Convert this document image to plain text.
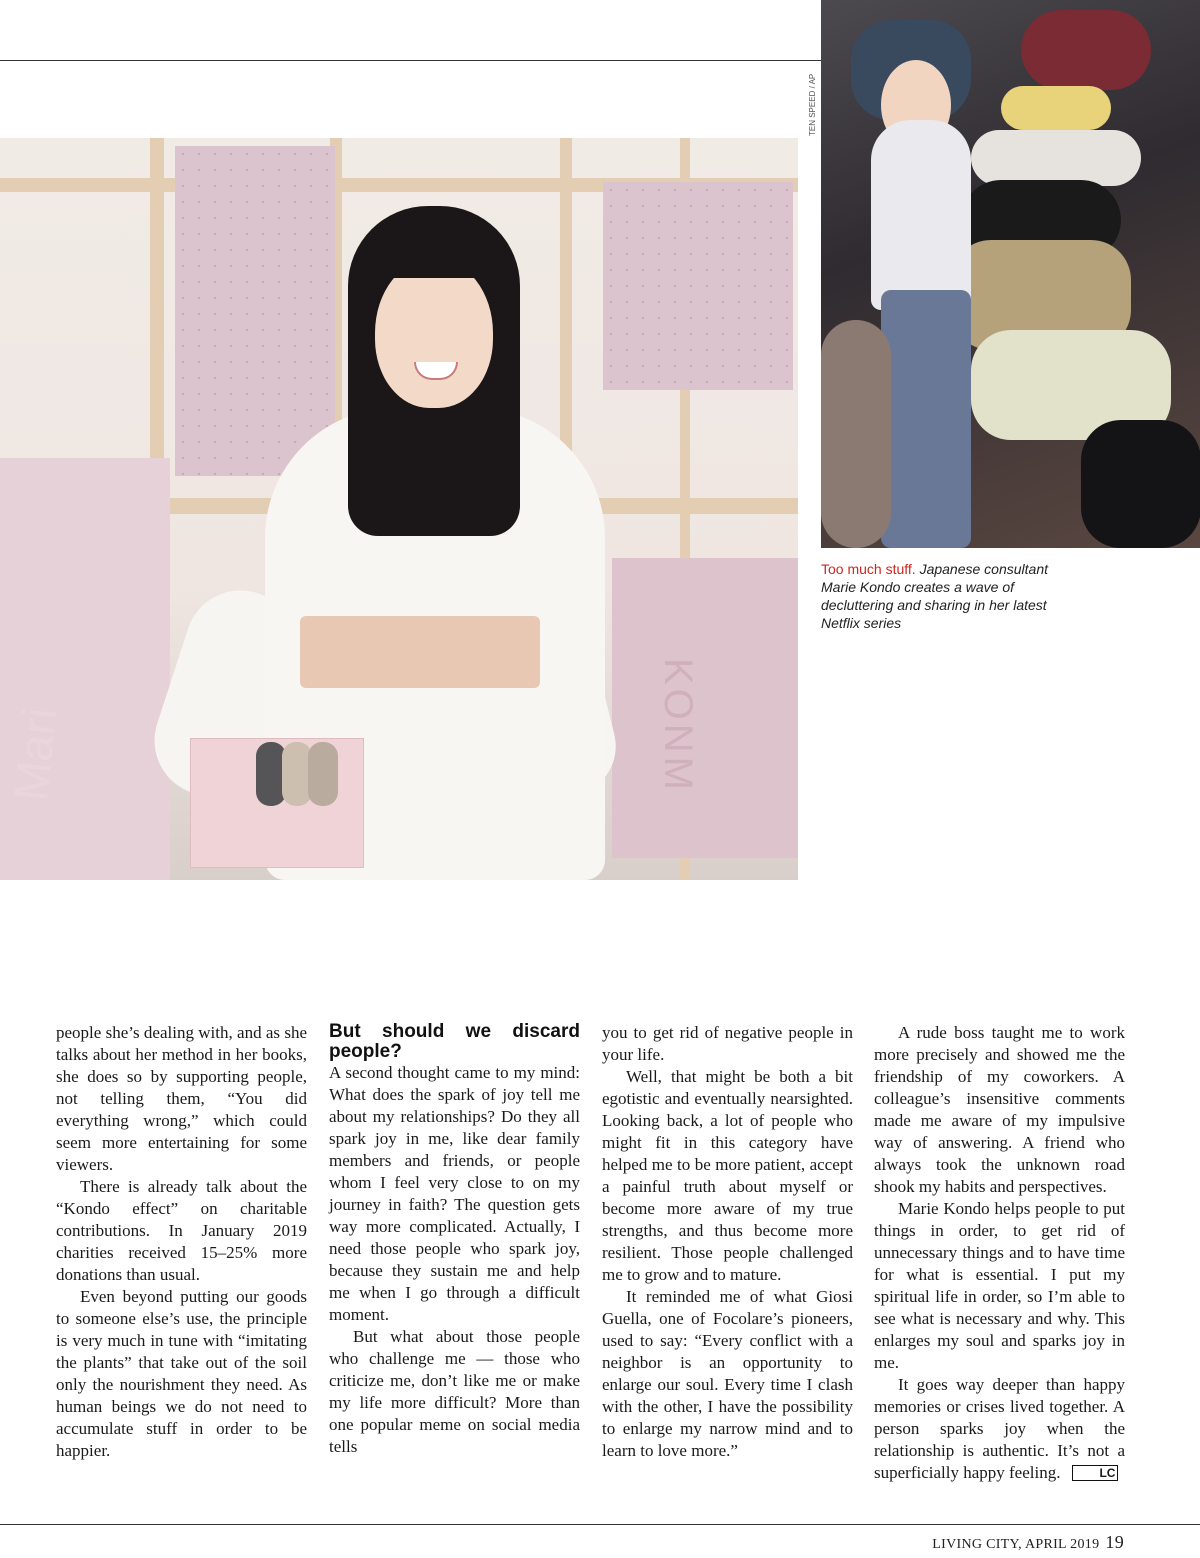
Mari	KONM
TEN SPEED / AP
Too much stuff. Japanese consultant Marie Kondo creates a wave of decluttering and sharing in her latest Netflix series

people she’s dealing with, and as she talks about her method in her books, she does so by supporting people, not telling them, “You did everything wrong,” which could seem more entertaining for some viewers.

There is already talk about the “Kondo effect” on charitable contributions. In January 2019 charities received 15–25% more donations than usual.

Even beyond putting our goods to someone else’s use, the principle is very much in tune with “imitating the plants” that take out of the soil only the nourishment they need. As human beings we do not need to accumulate stuff in order to be happier.

But should we discard people?

A second thought came to my mind: What does the spark of joy tell me about my relationships? Do they all spark joy in me, like dear family members and friends, or people whom I feel very close to on my journey in faith? The question gets way more complicated. Actually, I need those people who spark joy, because they sustain me and help me when I go through a difficult moment.

But what about those people who challenge me — those who criticize me, don’t like me or make my life more difficult? More than one popular meme on social media tells

you to get rid of negative people in your life.

Well, that might be both a bit egotistic and eventually nearsighted. Looking back, a lot of people who might fit in this category have helped me to be more patient, accept a painful truth about myself or become more aware of my true strengths, and thus become more resilient. Those people challenged me to grow and to mature.

It reminded me of what Giosi Guella, one of Focolare’s pioneers, used to say: “Every conflict with a neighbor is an opportunity to enlarge our soul. Every time I clash with the other, I have the possibility to enlarge my narrow mind and to learn to love more.”

A rude boss taught me to work more precisely and showed me the friendship of my coworkers. A colleague’s insensitive comments made me aware of my impulsive way of answering. A friend who always took the unknown road shook my habits and perspectives.

Marie Kondo helps people to put things in order, to get rid of unnecessary things and to have time for what is essential. I put my spiritual life in order, so I’m able to see what is necessary and why. This enlarges my soul and sparks joy in me.

It goes way deeper than happy memories or crises lived together. A person sparks joy when the relationship is authentic. It’s not a superficially happy feeling.	LC

LIVING CITY, APRIL 2019 19
